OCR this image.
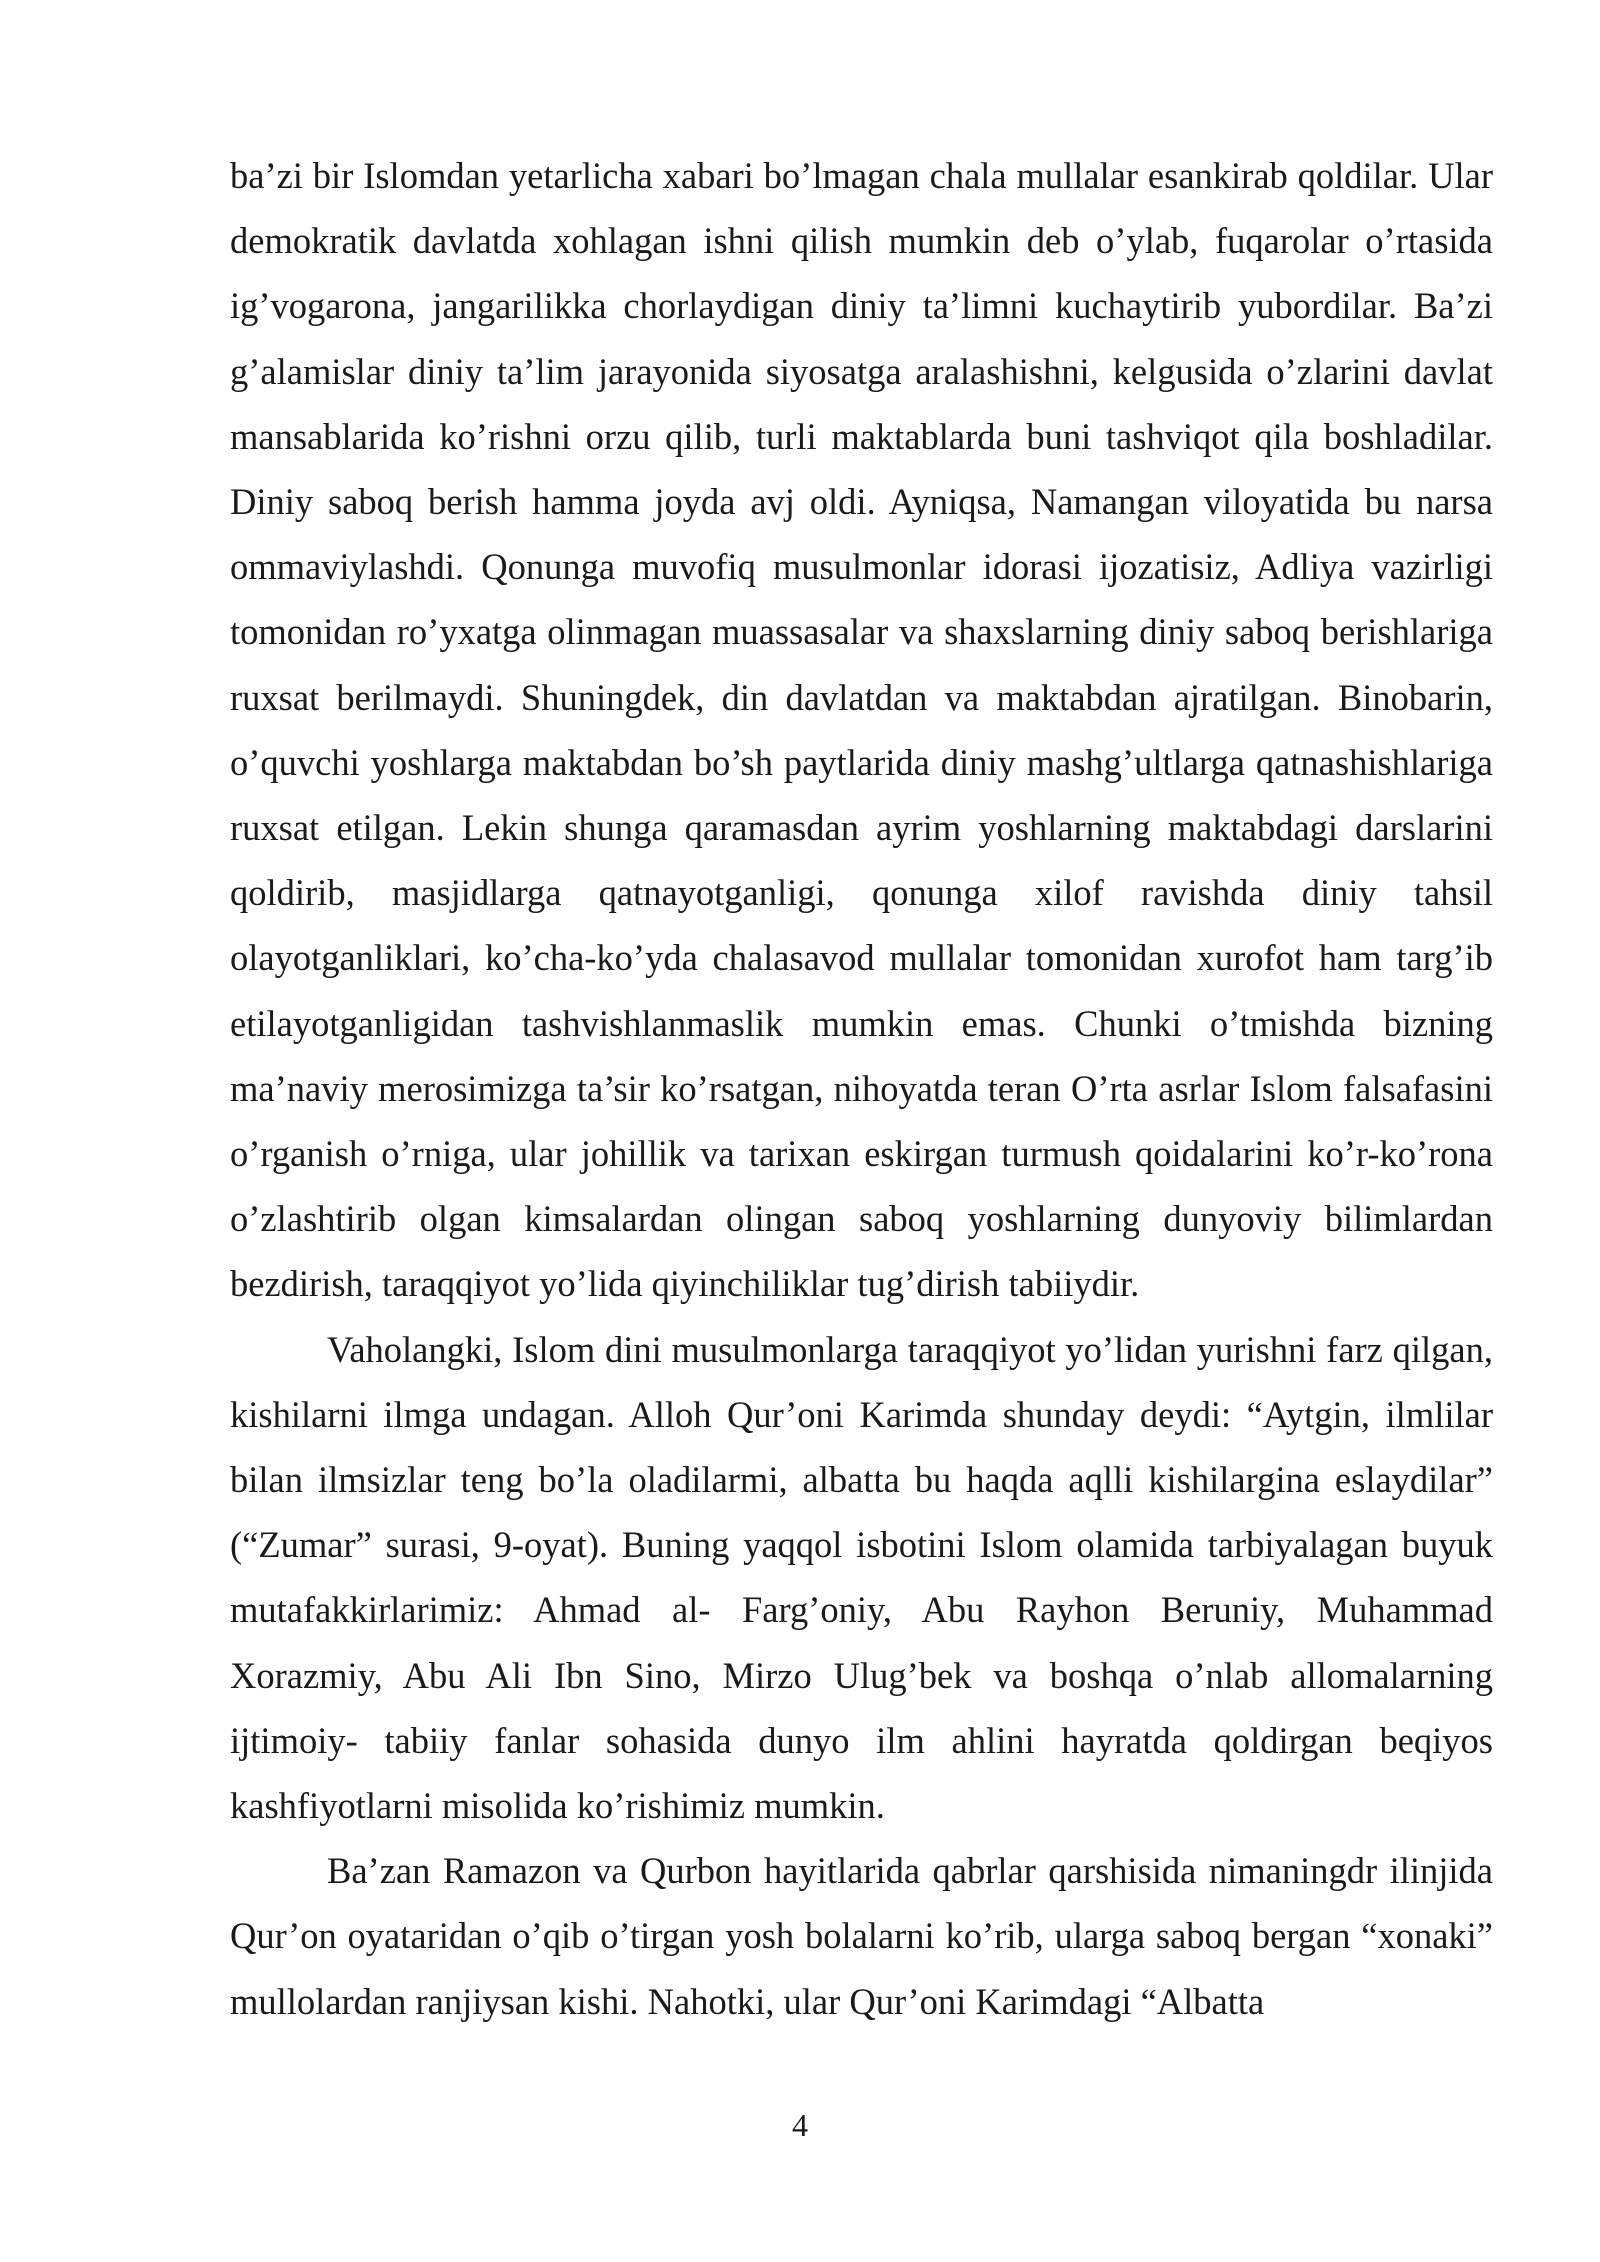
ba’zi bir Islomdan yetarlicha xabari bo’lmagan chala mullalar esankirab qoldilar. Ular demokratik davlatda xohlagan ishni qilish mumkin deb o’ylab, fuqarolar o’rtasida ig’vogarona, jangarilikka chorlaydigan diniy ta’limni kuchaytirib yubordilar. Ba’zi g’alamislar diniy ta’lim jarayonida siyosatga aralashishni, kelgusida o’zlarini davlat mansablarida ko’rishni orzu qilib, turli maktablarda buni tashviqot qila boshladilar. Diniy saboq berish hamma joyda avj oldi. Ayniqsa, Namangan viloyatida bu narsa ommaviylashdi. Qonunga muvofiq musulmonlar idorasi ijozatisiz, Adliya vazirligi tomonidan ro’yxatga olinmagan muassasalar va shaxslarning diniy saboq berishlariga ruxsat berilmaydi. Shuningdek, din davlatdan va maktabdan ajratilgan. Binobarin, o’quvchi yoshlarga maktabdan bo’sh paytlarida diniy mashg’ultlarga qatnashishlariga ruxsat etilgan. Lekin shunga qaramasdan ayrim yoshlarning maktabdagi darslarini qoldirib, masjidlarga qatnayotganligi, qonunga xilof ravishda diniy tahsil olayotganliklari, ko’cha-ko’yda chalasavod mullalar tomonidan xurofot ham targ’ib etilayotganligidan tashvishlanmaslik mumkin emas. Chunki o’tmishda bizning ma’naviy merosimizga ta’sir ko’rsatgan, nihoyatda teran O’rta asrlar Islom falsafasini o’rganish o’rniga, ular johillik va tarixan eskirgan turmush qoidalarini ko’r-ko’rona o’zlashtirib olgan kimsalardan olingan saboq yoshlarning dunyoviy bilimlardan bezdirish, taraqqiyot yo’lida qiyinchiliklar tug’dirish tabiiydir.

Vaholangki, Islom dini musulmonlarga taraqqiyot yo’lidan yurishni farz qilgan, kishilarni ilmga undagan. Alloh Qur’oni Karimda shunday deydi: “Aytgin, ilmlilar bilan ilmsizlar teng bo’la oladilarmi, albatta bu haqda aqlli kishilargina eslaydilar” (“Zumar” surasi, 9-oyat). Buning yaqqol isbotini Islom olamida tarbiyalagan buyuk mutafakkirlarimiz: Ahmad al- Farg’oniy, Abu Rayhon Beruniy, Muhammad Xorazmiy, Abu Ali Ibn Sino, Mirzo Ulug’bek va boshqa o’nlab allomalarning ijtimoiy- tabiiy fanlar sohasida dunyo ilm ahlini hayratda qoldirgan beqiyos kashfiyotlarni misolida ko’rishimiz mumkin.

Ba’zan Ramazon va Qurbon hayitlarida qabrlar qarshisida nimaningdr ilinjida Qur’on oyataridan o’qib o’tirgan yosh bolalarni ko’rib, ularga saboq bergan “xonaki” mullolardan ranjiysan kishi. Nahotki, ular Qur’oni Karimdagi “Albatta

4
